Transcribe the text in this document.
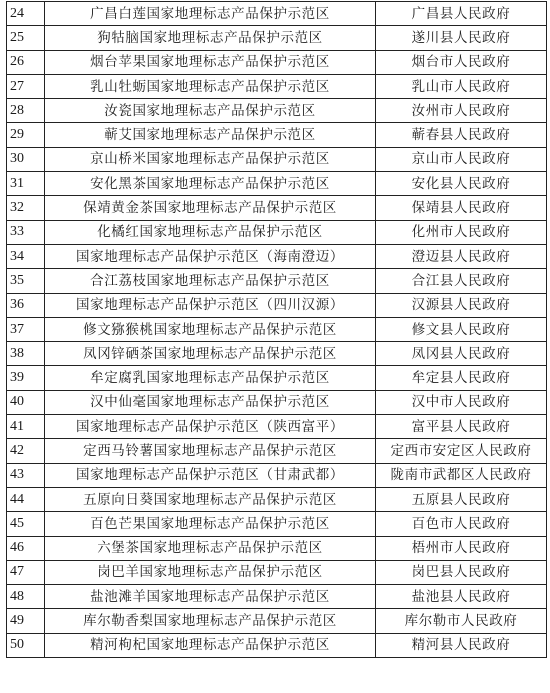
24	广昌白莲国家地理标志产品保护示范区	广昌县人民政府
25	狗牯脑国家地理标志产品保护示范区	遂川县人民政府
26	烟台苹果国家地理标志产品保护示范区	烟台市人民政府
27	乳山牡蛎国家地理标志产品保护示范区	乳山市人民政府
28	汝瓷国家地理标志产品保护示范区	汝州市人民政府
29	蕲艾国家地理标志产品保护示范区	蕲春县人民政府
30	京山桥米国家地理标志产品保护示范区	京山市人民政府
31	安化黑茶国家地理标志产品保护示范区	安化县人民政府
32	保靖黄金茶国家地理标志产品保护示范区	保靖县人民政府
33	化橘红国家地理标志产品保护示范区	化州市人民政府
34	国家地理标志产品保护示范区（海南澄迈）	澄迈县人民政府
35	合江荔枝国家地理标志产品保护示范区	合江县人民政府
36	国家地理标志产品保护示范区（四川汉源）	汉源县人民政府
37	修文猕猴桃国家地理标志产品保护示范区	修文县人民政府
38	凤冈锌硒茶国家地理标志产品保护示范区	凤冈县人民政府
39	牟定腐乳国家地理标志产品保护示范区	牟定县人民政府
40	汉中仙毫国家地理标志产品保护示范区	汉中市人民政府
41	国家地理标志产品保护示范区（陕西富平）	富平县人民政府
42	定西马铃薯国家地理标志产品保护示范区	定西市安定区人民政府
43	国家地理标志产品保护示范区（甘肃武都）	陇南市武都区人民政府
44	五原向日葵国家地理标志产品保护示范区	五原县人民政府
45	百色芒果国家地理标志产品保护示范区	百色市人民政府
46	六堡茶国家地理标志产品保护示范区	梧州市人民政府
47	岗巴羊国家地理标志产品保护示范区	岗巴县人民政府
48	盐池滩羊国家地理标志产品保护示范区	盐池县人民政府
49	库尔勒香梨国家地理标志产品保护示范区	库尔勒市人民政府
50	精河枸杞国家地理标志产品保护示范区	精河县人民政府
